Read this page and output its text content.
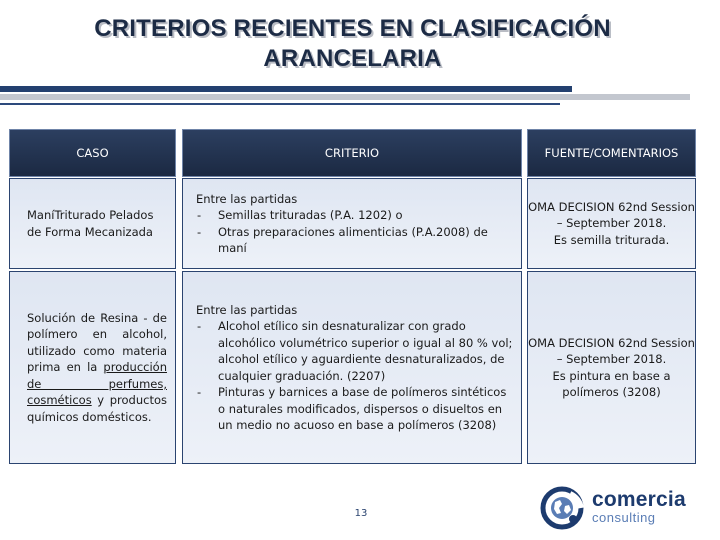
CRITERIOS RECIENTES EN CLASIFICACIÓN
ARANCELARIA
CASO	CRITERIO	FUENTE/COMENTARIOS
ManíTriturado Pelados
de Forma Mecanizada
Entre las partidas
- Semillas trituradas (P.A. 1202) o
- Otras preparaciones alimenticias (P.A.2008) de maní
OMA DECISION 62nd Session
– September 2018.
Es semilla triturada.
Solución de Resina - de polímero en alcohol, utilizado como materia prima en la producción de perfumes, cosméticos y productos químicos domésticos.
Entre las partidas
- Alcohol etílico sin desnaturalizar con grado alcohólico volumétrico superior o igual al 80 % vol; alcohol etílico y aguardiente desnaturalizados, de cualquier graduación. (2207)
- Pinturas y barnices a base de polímeros sintéticos o naturales modificados, dispersos o disueltos en un medio no acuoso en base a polímeros (3208)
OMA DECISION 62nd Session
– September 2018.
Es pintura en base a
polímeros (3208)
13
comercia
consulting
